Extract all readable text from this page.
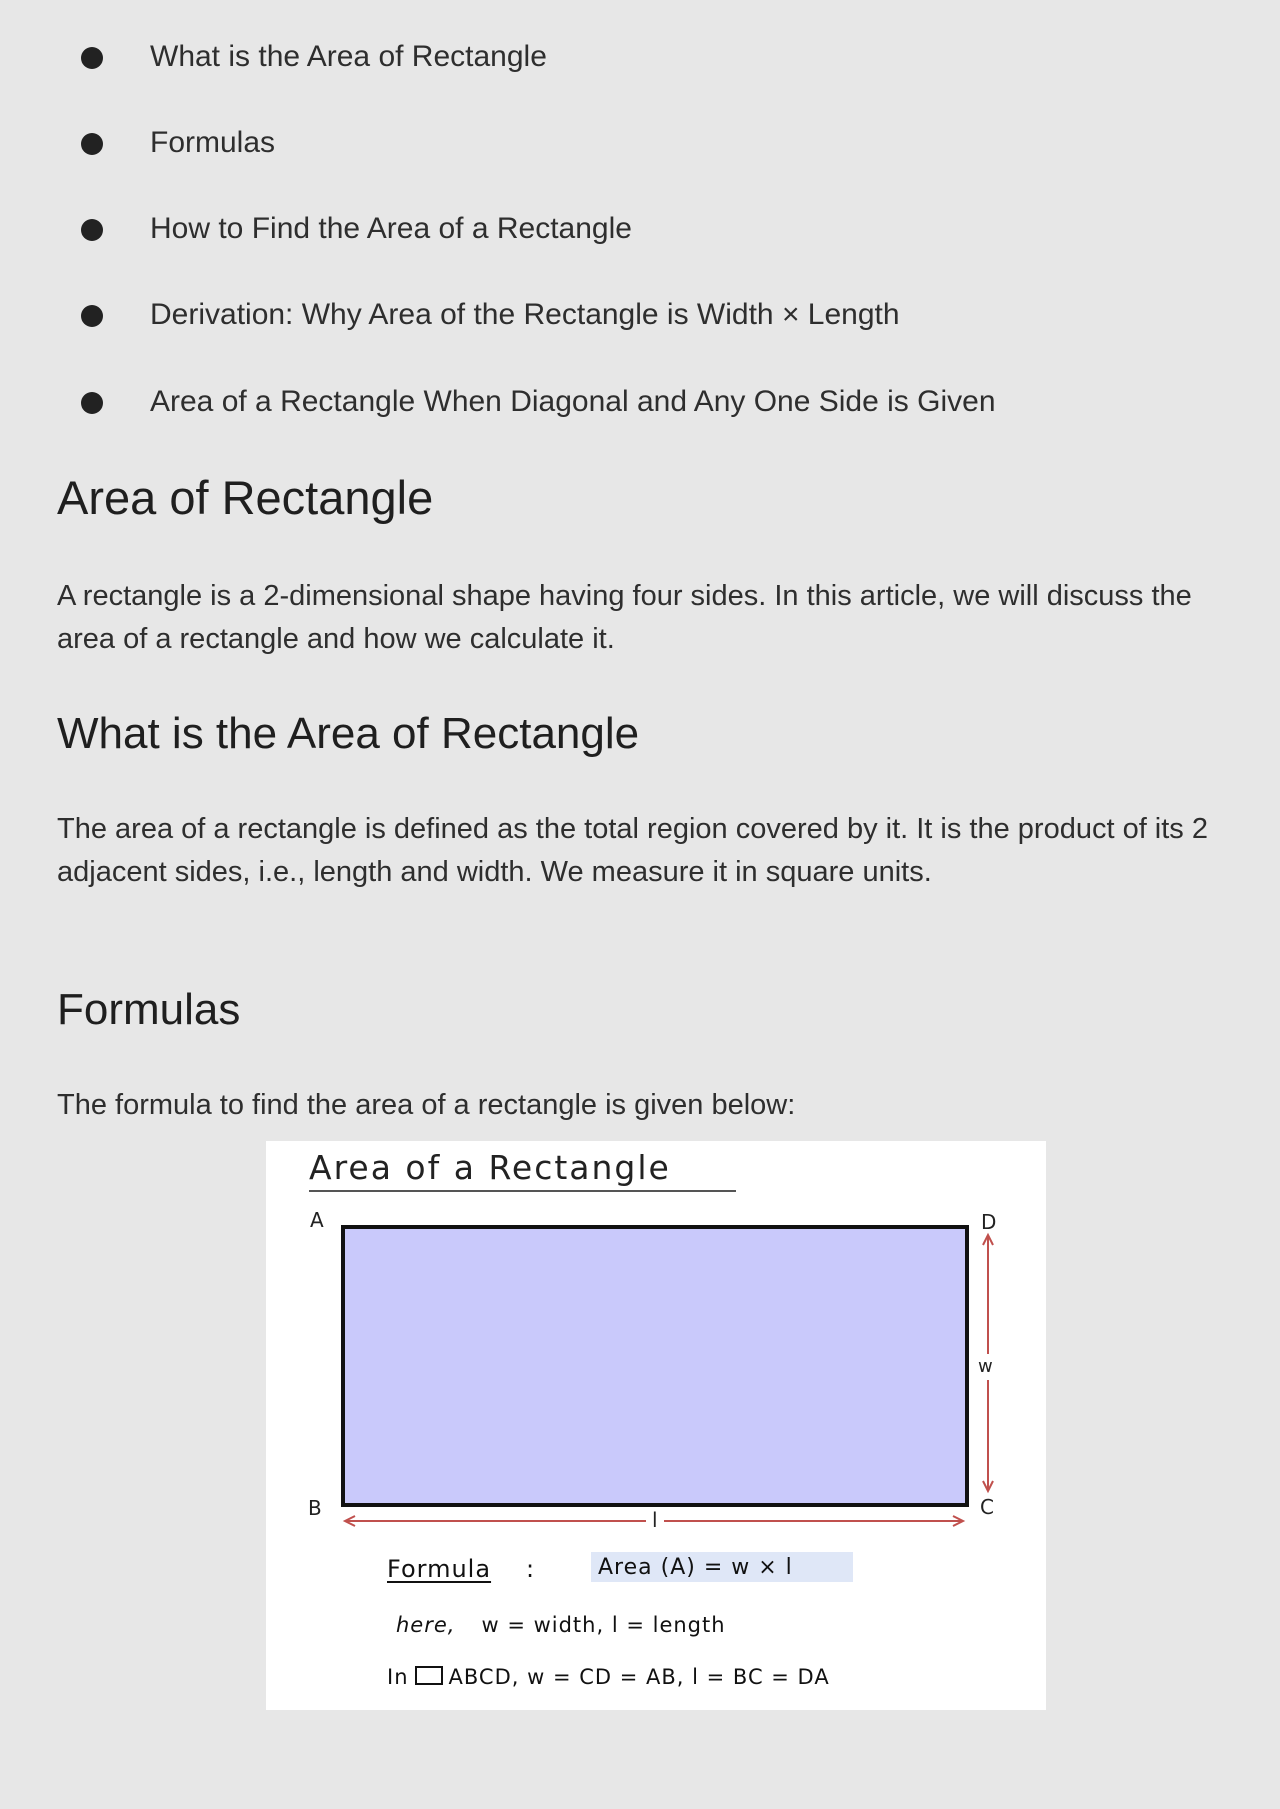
What is the Area of Rectangle
Formulas
How to Find the Area of a Rectangle
Derivation: Why Area of the Rectangle is Width × Length
Area of a Rectangle When Diagonal and Any One Side is Given
Area of Rectangle

A rectangle is a 2-dimensional shape having four sides. In this article, we will discuss the area of a rectangle and how we calculate it.

What is the Area of Rectangle

The area of a rectangle is defined as the total region covered by it. It is the product of its 2 adjacent sides, i.e., length and width. We measure it in square units.

Formulas

The formula to find the area of a rectangle is given below:

Area of a Rectangle
A
B	C
D
w
l
Formula :	Area (A) = w × l
here, w = width, l = length
In ABCD, w = CD = AB, l = BC = DA
